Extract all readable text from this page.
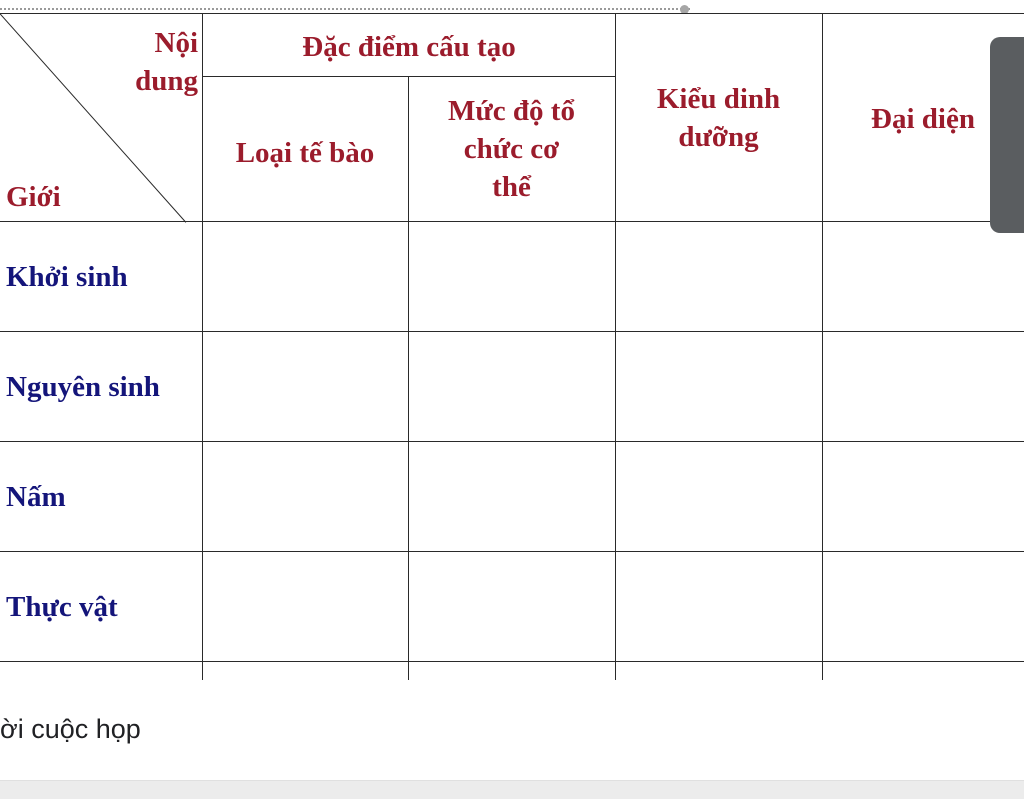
Nội
dung
Giới
Đặc điểm cấu tạo
Loại tế bào
Mức độ tổ
chức cơ
thể
Kiểu dinh
dưỡng
Đại diện
Khởi sinh
Nguyên sinh
Nấm
Thực vật
ời cuộc họp
